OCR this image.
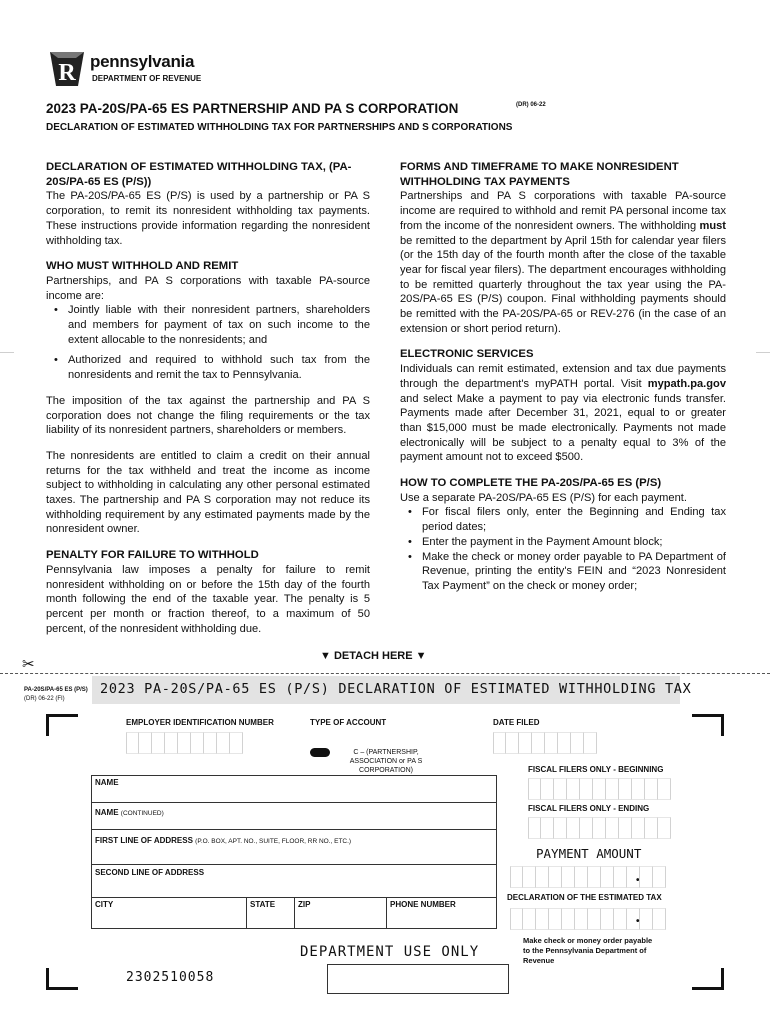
R pennsylvania
DEPARTMENT OF REVENUE
2023 PA-20S/PA-65 ES PARTNERSHIP AND PA S CORPORATION	(DR) 06-22
DECLARATION OF ESTIMATED WITHHOLDING TAX FOR PARTNERSHIPS AND S CORPORATIONS
DECLARATION OF ESTIMATED WITHHOLDING TAX, (PA-20S/PA-65 ES (P/S))

The PA-20S/PA-65 ES (P/S) is used by a partnership or PA S corporation, to remit its nonresident withholding tax payments. These instructions provide information regarding the nonresident withholding tax.

WHO MUST WITHHOLD AND REMIT

Partnerships, and PA S corporations with taxable PA-source income are:

• Jointly liable with their nonresident partners, shareholders and members for payment of tax on such income to the extent allocable to the nonresidents; and
• Authorized and required to withhold such tax from the nonresidents and remit the tax to Pennsylvania.

The imposition of the tax against the partnership and PA S corporation does not change the filing requirements or the tax liability of its nonresident partners, shareholders or members.

The nonresidents are entitled to claim a credit on their annual returns for the tax withheld and treat the income as income subject to withholding in calculating any other personal estimated taxes. The partnership and PA S corporation may not reduce its withholding requirement by any estimated payments made by the nonresident owner.

PENALTY FOR FAILURE TO WITHHOLD

Pennsylvania law imposes a penalty for failure to remit nonresident withholding on or before the 15th day of the fourth month following the end of the taxable year. The penalty is 5 percent per month or fraction thereof, to a maximum of 50 percent, of the nonresident withholding due.

FORMS AND TIMEFRAME TO MAKE NONRESIDENT WITHHOLDING TAX PAYMENTS

Partnerships and PA S corporations with taxable PA-source income are required to withhold and remit PA personal income tax from the income of the nonresident owners. The withholding must be remitted to the department by April 15th for calendar year filers (or the 15th day of the fourth month after the close of the taxable year for fiscal year filers). The department encourages withholding to be remitted quarterly throughout the tax year using the PA-20S/PA-65 ES (P/S) coupon. Final withholding payments should be remitted with the PA-20S/PA-65 or REV-276 (in the case of an extension or short period return).

ELECTRONIC SERVICES

Individuals can remit estimated, extension and tax due payments through the department's myPATH portal. Visit mypath.pa.gov and select Make a payment to pay via electronic funds transfer. Payments made after December 31, 2021, equal to or greater than $15,000 must be made electronically. Payments not made electronically will be subject to a penalty equal to 3% of the payment amount not to exceed $500.

HOW TO COMPLETE THE PA-20S/PA-65 ES (P/S)

Use a separate PA-20S/PA-65 ES (P/S) for each payment.

• For fiscal filers only, enter the Beginning and Ending tax period dates;
• Enter the payment in the Payment Amount block;
• Make the check or money order payable to PA Department of Revenue, printing the entity's FEIN and “2023 Nonresident Tax Payment” on the check or money order;
✂	▼ DETACH HERE ▼
PA-20S/PA-65 ES (P/S)
(DR) 06-22 (FI)
2023 PA-20S/PA-65 ES (P/S) DECLARATION OF ESTIMATED WITHHOLDING TAX
EMPLOYER IDENTIFICATION NUMBER	TYPE OF ACCOUNT	DATE FILED
C – (PARTNERSHIP, ASSOCIATION or PA S CORPORATION)	FISCAL FILERS ONLY - BEGINNING
FISCAL FILERS ONLY - ENDING
NAME
NAME (CONTINUED)
FIRST LINE OF ADDRESS (P.O. BOX, APT. NO., SUITE, FLOOR, RR NO., ETC.)
SECOND LINE OF ADDRESS
CITY	STATE	ZIP	PHONE NUMBER
PAYMENT AMOUNT
•
DECLARATION OF THE ESTIMATED TAX
•
DEPARTMENT USE ONLY
Make check or money order payable to the Pennsylvania Department of Revenue
2302510058
